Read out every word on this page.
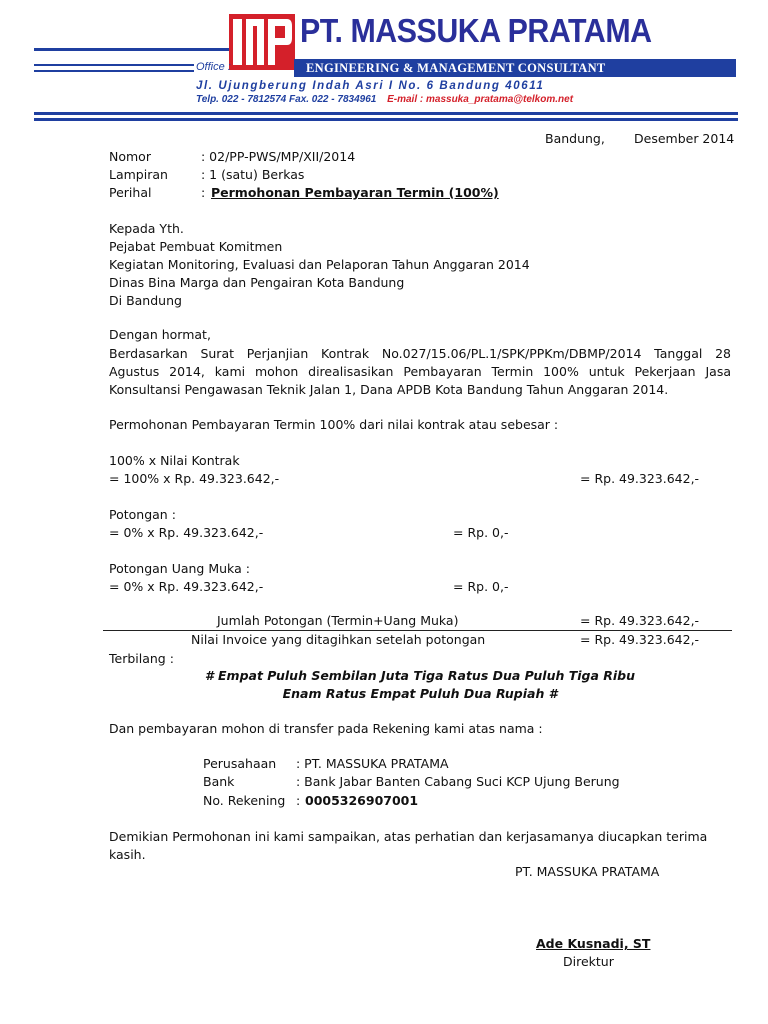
PT. MASSUKA PRATAMA
Office :	ENGINEERING & MANAGEMENT CONSULTANT
Jl. Ujungberung Indah Asri I No. 6 Bandung 40611
Telp. 022 - 7812574 Fax. 022 - 7834961 E-mail : massuka_pratama@telkom.net
Bandung, Desember 2014
Nomor	: 02/PP-PWS/MP/XII/2014
Lampiran	: 1 (satu) Berkas
Perihal	: Permohonan Pembayaran Termin (100%)
Kepada Yth.
Pejabat Pembuat Komitmen
Kegiatan Monitoring, Evaluasi dan Pelaporan Tahun Anggaran 2014
Dinas Bina Marga dan Pengairan Kota Bandung
Di Bandung
Dengan hormat,
Berdasarkan Surat Perjanjian Kontrak No.027/15.06/PL.1/SPK/PPKm/DBMP/2014 Tanggal 28 Agustus 2014, kami mohon direalisasikan Pembayaran Termin 100% untuk Pekerjaan Jasa Konsultansi Pengawasan Teknik Jalan 1, Dana APDB Kota Bandung Tahun Anggaran 2014.
Permohonan Pembayaran Termin 100% dari nilai kontrak atau sebesar :
100% x Nilai Kontrak
= 100% x Rp. 49.323.642,-	= Rp. 49.323.642,-
Potongan :
= 0% x Rp. 49.323.642,-	= Rp. 0,-
Potongan Uang Muka :
= 0% x Rp. 49.323.642,-	= Rp. 0,-
Jumlah Potongan (Termin+Uang Muka)	= Rp. 49.323.642,-
Nilai Invoice yang ditagihkan setelah potongan	= Rp. 49.323.642,-
Terbilang :
# Empat Puluh Sembilan Juta Tiga Ratus Dua Puluh Tiga Ribu
Enam Ratus Empat Puluh Dua Rupiah #
Dan pembayaran mohon di transfer pada Rekening kami atas nama :
Perusahaan : PT. MASSUKA PRATAMA
Bank	: Bank Jabar Banten Cabang Suci KCP Ujung Berung
No. Rekening : 0005326907001
Demikian Permohonan ini kami sampaikan, atas perhatian dan kerjasamanya diucapkan terima kasih.
PT. MASSUKA PRATAMA
Ade Kusnadi, ST
Direktur
